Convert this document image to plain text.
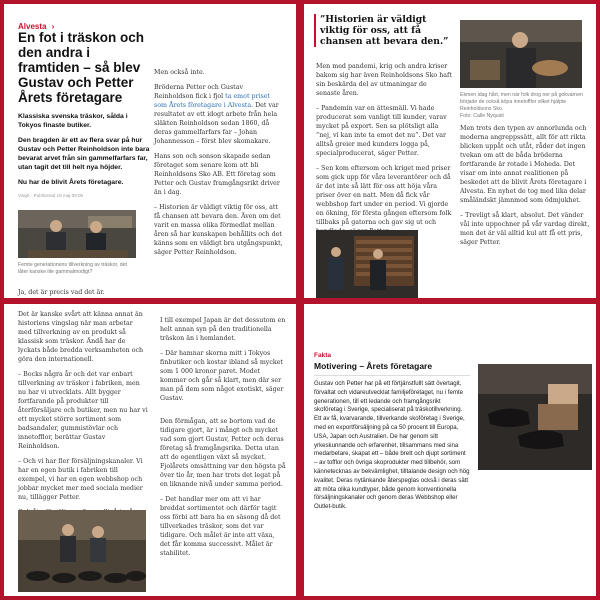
Alvesta ›
En fot i träskon och den andra i framtiden – så blev Gustav och Petter Årets företagare

Klassiska svenska träskor, sålda i Tokyos finaste butiker.

Den bragden är ett av flera svar på hur Gustav och Petter Reinholdson inte bara bevarat arvet från sin gammelfarfars far, utan tagit det till helt nya höjder.

Nu har de blivit Årets företagare.

Växjö · Publicerad 19 maj 09:00
Femte generationens tillverkning av träskor, det låter kanske lite gammalmodigt?
Ja, det är precis vad det är.

Men också inte.

Bröderna Petter och Gustav Reinholdson fick i fjol ta emot priset som Årets företagare i Alvesta. Det var resultatet av ett idogt arbete från hela släkten Reinholdson sedan 1860, då deras gammelfarfars far – Johan Johannesson – först blev skomakare.

Hans son och sonson skapade sedan företaget som senare kom att bli Reinholdsons Sko AB. Ett företag som Petter och Gustav framgångsrikt driver än i dag.

– Historien är väldigt viktig för oss, att få chansen att bevara den. Även om det varit en massa olika förmedlat mellan åren så har kunskapen behållits och det känns som en väldigt bra utgångspunkt, säger Petter Reinholdson.

”Historien är väldigt viktig för oss, att få chansen att bevara den.”

Men med pandemi, krig och andra kriser bakom sig har även Reinholdsons Sko haft sin beskärda del av utmaningar de senaste åren.

– Pandemin var en ättesmäll. Vi hade producerat som vanligt till kunder, varav mycket på export. Sen sa plötsligt alla ”nej, vi kan inte ta emot det nu”. Det var alltså greier med kunders logga på, specialproducerat, säger Petter.

– Sen kom eftersom och kriget med priser som gick upp för våra leverantörer och då är det inte så lätt för oss att höja våra priser över en natt. Men då fick vår webbshop fart under en period. Vi gjorde en ökning, för första gången eftersom folk tillbaks på gatorna och gav sig ut och

Ekmen idag hårt, men när folk drog ner på gokvarnen började de också köpa innetofflor vilket hjälpte Reinholdsons Sko.
Foto: Calle Nyquist

Men trots den typen av annorlunda och moderna angreppssätt, allt för att rikta blicken uppåt och utåt, råder det ingen tvekan om att de båda bröderna fortfarande är rotade i Moheda. Det visar om inte annat realitionen på beskedet att de blivit Årets företagare i Alvesta. En nyhet de tog med lika delar småländskt jämnmod som ödmjukhet.

– Trevligt så klart, absolut. Det vänder vål inte uppochner på vår vardag direkt, men det är väl alltid kul att få ett pris, säger Petter.

Det är kanske svårt att känna annat än historiens vingslag när man arbetar med tillverkning av en produkt så klassisk som träskor. Ändå har de lyckats både bredda verksamheten och göra den internationell.

– Bocks några år och det var enbart tillverkning av träskor i fabriken, men nu har vi utvecklats. Allt bygger fortfarande på produkter till återförsäljare och butiker, men nu har vi ett mycket större sortiment som badsandaler, gummistövlar och innetofflor, berättar Gustav Reinholdson.

– Och vi har fler försäljningskanaler. Vi har en egen butik i fabriken till exempel, vi har en egen webbshop och jobbar mycket mer med sociala medier nu, tillägger Petter.

I till exempel Japan är det dessutom en helt annan syn på den traditionella träskon än i hemlandet.

– Där hamnar skorna mitt i Tokyos finbutiker och kostar ibland så mycket som 1 000 kronor paret. Modet kommer och går så klart, men där ser man på dem som något exotiskt, säger Gustav.

Den förmågan, att se bortom vad de tidigare gjort, är i mångt och mycket vad som gjort Gustav, Petter och deras företag så framgångsrika. Detta utan att de egentligen växt så mycket. Fjolårets omsättning var den högsta på över tio år, men har trots det legat på en liknande nivå under samma period.

– Det handlar mer om att vi har breddat sortimentet och därför tagit oss förbi att bara ha en säsong då det tillverkades träskor, som det var tidigare. Och målet är inte att växa, det får komma successivt. Målet är stabilitet.

Fakta
Motivering – Årets företagare
Gustav och Petter har på ett förtjänstfullt sätt övertagit, förvaltat och vidareutvecklat familjeföretaget, nu i femte generationen, till ett ledande och framgångsrikt skoföretag i Sverige, specialiserat på träskotillverkning. Ett av få, kvarvarande, tillverkande skoföretag i Sverige, med en exportförsäljning på ca 50 procent till Europa, USA, Japan och Australien. De har genom sitt yrkeskunnande och erfarenhet, tillsammans med sina medarbetare, skapat ett – både brett och djupt sortiment – av tofflor och övriga skoprodukter med tillbehör, som kännetecknas av bekvämlighet, tilltalande design och hög kvalitet. Deras nytänkande återspeglas också i deras sätt att möta olika kundtyper, både genom konventionella försäljningskanaler och genom deras Webbshop eller Outlet-butik.
